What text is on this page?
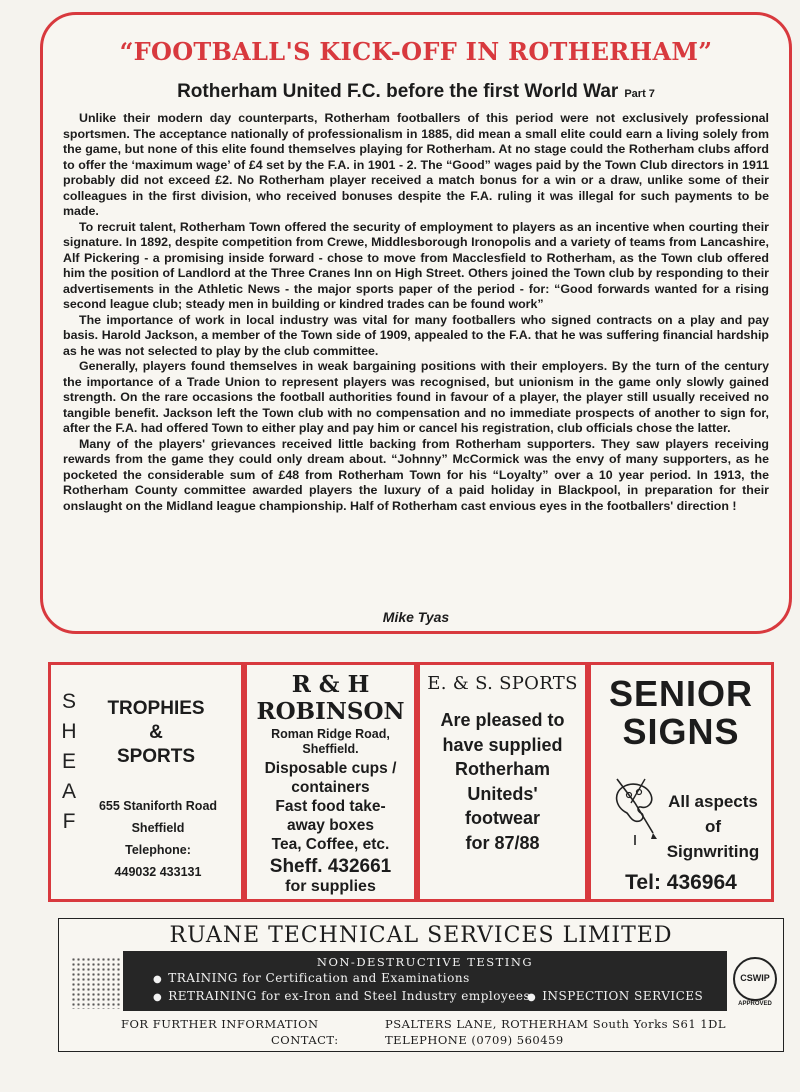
“FOOTBALL'S KICK-OFF IN ROTHERHAM”
Rotherham United F.C. before the first World War Part 7

Unlike their modern day counterparts, Rotherham footballers of this period were not exclusively professional sportsmen. The acceptance nationally of professionalism in 1885, did mean a small elite could earn a living solely from the game, but none of this elite found themselves playing for Rotherham. At no stage could the Rotherham clubs afford to offer the ‘maximum wage’ of £4 set by the F.A. in 1901 - 2. The “Good” wages paid by the Town Club directors in 1911 probably did not exceed £2. No Rotherham player received a match bonus for a win or a draw, unlike some of their colleagues in the first division, who received bonuses despite the F.A. ruling it was illegal for such payments to be made.

To recruit talent, Rotherham Town offered the security of employment to players as an incentive when courting their signature. In 1892, despite competition from Crewe, Middlesborough Ironopolis and a variety of teams from Lancashire, Alf Pickering - a promising inside forward - chose to move from Macclesfield to Rotherham, as the Town club offered him the position of Landlord at the Three Cranes Inn on High Street. Others joined the Town club by responding to their advertisements in the Athletic News - the major sports paper of the period - for: “Good forwards wanted for a rising second league club; steady men in building or kindred trades can be found work”

The importance of work in local industry was vital for many footballers who signed contracts on a play and pay basis. Harold Jackson, a member of the Town side of 1909, appealed to the F.A. that he was suffering financial hardship as he was not selected to play by the club committee.

Generally, players found themselves in weak bargaining positions with their employers. By the turn of the century the importance of a Trade Union to represent players was recognised, but unionism in the game only slowly gained strength. On the rare occasions the football authorities found in favour of a player, the player still usually received no tangible benefit. Jackson left the Town club with no compensation and no immediate prospects of another to sign for, after the F.A. had offered Town to either play and pay him or cancel his registration, club officials chose the latter.

Many of the players' grievances received little backing from Rotherham supporters. They saw players receiving rewards from the game they could only dream about. “Johnny” McCormick was the envy of many supporters, as he pocketed the considerable sum of £48 from Rotherham Town for his “Loyalty” over a 10 year period. In 1913, the Rotherham County committee awarded players the luxury of a paid holiday in Blackpool, in preparation for their onslaught on the Midland league championship. Half of Rotherham cast envious eyes in the footballers' direction !

Mike Tyas
S
H
E
A
F
TROPHIES
&
SPORTS
655 Staniforth Road
Sheffield
Telephone:
449032 433131
R & H
ROBINSON
Roman Ridge Road,
Sheffield.
Disposable cups /
containers
Fast food take-
away boxes
Tea, Coffee, etc.
Sheff. 432661
for supplies
E. & S. SPORTS
Are pleased to
have supplied
Rotherham
Uniteds'
footwear
for 87/88
SENIOR
SIGNS
All aspects
of
Signwriting
Tel: 436964
RUANE TECHNICAL SERVICES LIMITED
NON-DESTRUCTIVE TESTING
● TRAINING for Certification and Examinations
● RETRAINING for ex-Iron and Steel Industry employees
●	INSPECTION SERVICES
CSWIP
APPROVED
FOR FURTHER INFORMATION
CONTACT:
PSALTERS LANE, ROTHERHAM South Yorks S61 1DL
TELEPHONE (0709) 560459
